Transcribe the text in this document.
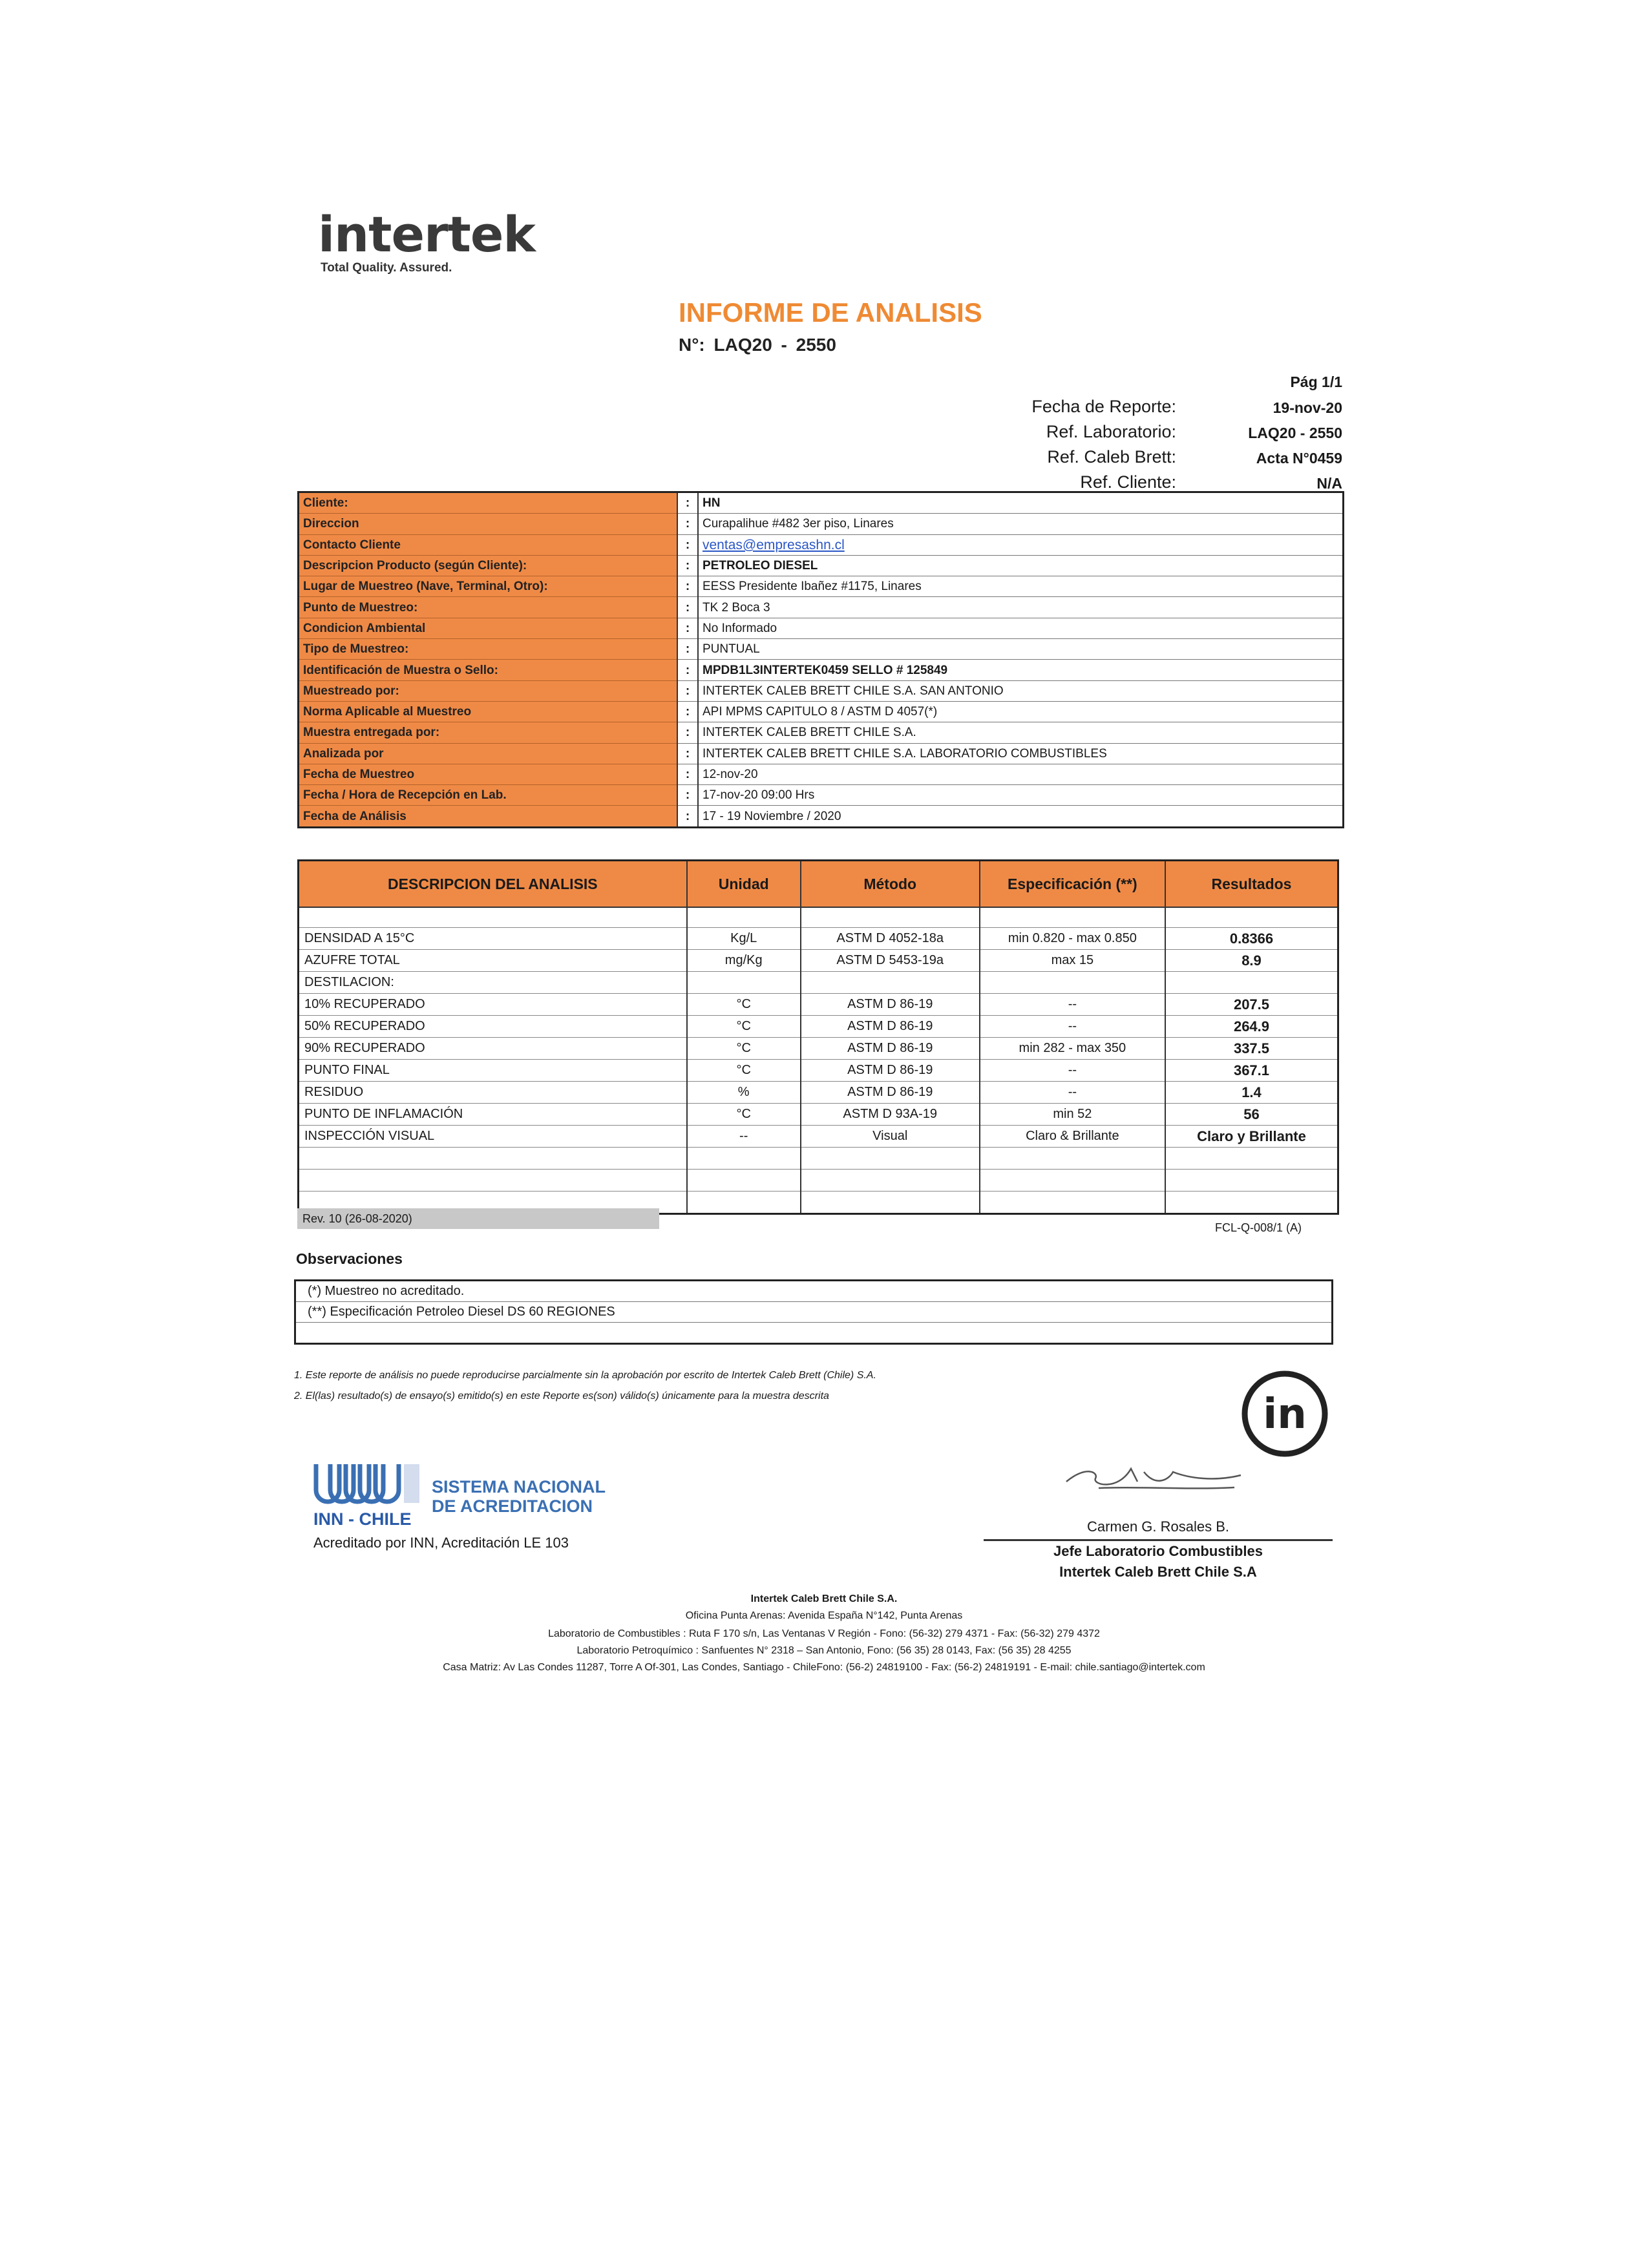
intertek
Total Quality. Assured.
INFORME DE ANALISIS
N°: LAQ20 - 2550
Pág 1/1
Fecha de Reporte:	19-nov-20
Ref. Laboratorio:	LAQ20 - 2550
Ref. Caleb Brett:	Acta N°0459
Ref. Cliente:	N/A
Cliente:	:	HN
Direccion	:	Curapalihue #482 3er piso, Linares
Contacto Cliente	:	ventas@empresashn.cl
Descripcion Producto (según Cliente):	:	PETROLEO DIESEL
Lugar de Muestreo (Nave, Terminal, Otro):	:	EESS Presidente Ibañez #1175, Linares
Punto de Muestreo:	:	TK 2 Boca 3
Condicion Ambiental	:	No Informado
Tipo de Muestreo:	:	PUNTUAL
Identificación de Muestra o Sello:	:	MPDB1L3INTERTEK0459 SELLO # 125849
Muestreado por:	:	INTERTEK CALEB BRETT CHILE S.A. SAN ANTONIO
Norma Aplicable al Muestreo	:	API MPMS CAPITULO 8 / ASTM D 4057(*)
Muestra entregada por:	:	INTERTEK CALEB BRETT CHILE S.A.
Analizada por	:	INTERTEK CALEB BRETT CHILE S.A. LABORATORIO COMBUSTIBLES
Fecha de Muestreo	:	12-nov-20
Fecha / Hora de Recepción en Lab.	:	17-nov-20 09:00 Hrs
Fecha de Análisis	:	17 - 19 Noviembre / 2020
DESCRIPCION DEL ANALISIS	Unidad	Método	Especificación (**)	Resultados

DENSIDAD A 15°C	Kg/L	ASTM D 4052-18a	min 0.820 - max 0.850	0.8366
AZUFRE TOTAL	mg/Kg	ASTM D 5453-19a	max 15	8.9
DESTILACION:				
10% RECUPERADO	°C	ASTM D 86-19	--	207.5
50% RECUPERADO	°C	ASTM D 86-19	--	264.9
90% RECUPERADO	°C	ASTM D 86-19	min 282 - max 350	337.5
PUNTO FINAL	°C	ASTM D 86-19	--	367.1
RESIDUO	%	ASTM D 86-19	--	1.4
PUNTO DE INFLAMACIÓN	°C	ASTM D 93A-19	min 52	56
INSPECCIÓN VISUAL	--	Visual	Claro & Brillante	Claro y Brillante

Rev. 10 (26-08-2020)
FCL-Q-008/1 (A)
Observaciones
(*) Muestreo no acreditado.
(**) Especificación Petroleo Diesel DS 60 REGIONES

1. Este reporte de análisis no puede reproducirse parcialmente sin la aprobación por escrito de Intertek Caleb Brett (Chile) S.A.
2. El(las) resultado(s) de ensayo(s) emitido(s) en este Reporte es(son) válido(s) únicamente para la muestra descrita	in
SISTEMA NACIONAL
DE ACREDITACION
INN - CHILE
Acreditado por INN, Acreditación LE 103
Carmen G. Rosales B.
Jefe Laboratorio Combustibles
Intertek Caleb Brett Chile S.A
Intertek Caleb Brett Chile S.A.
Oficina Punta Arenas: Avenida España N°142, Punta Arenas
Laboratorio de Combustibles : Ruta F 170 s/n, Las Ventanas V Región - Fono: (56-32) 279 4371 - Fax: (56-32) 279 4372
Laboratorio Petroquímico : Sanfuentes N° 2318 – San Antonio, Fono: (56 35) 28 0143, Fax: (56 35) 28 4255
Casa Matriz: Av Las Condes 11287, Torre A Of-301, Las Condes, Santiago - ChileFono: (56-2) 24819100 - Fax: (56-2) 24819191 - E-mail: chile.santiago@intertek.com
